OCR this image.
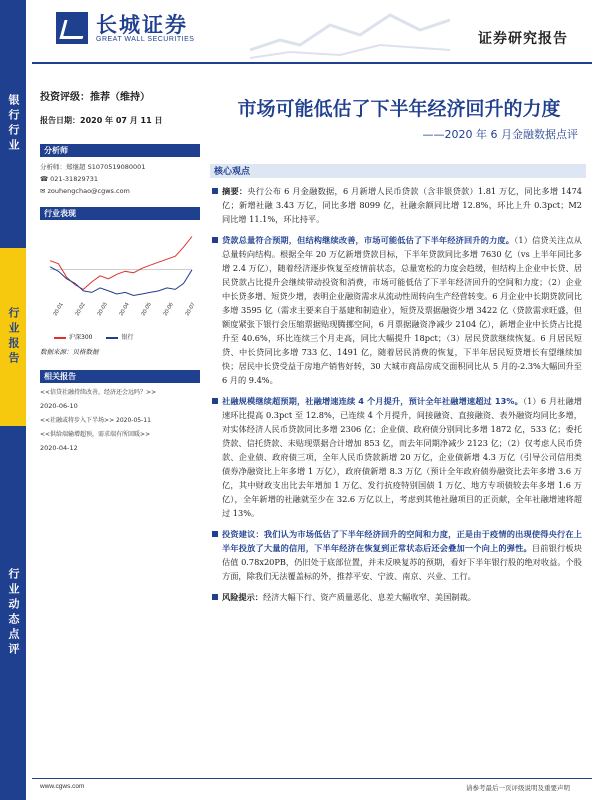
长城证券
GREAT WALL SECURITIES	证券研究报告
银行行业
行业报告
行业动态点评
投资评级：推荐（维持）
报告日期：2020 年 07 月 11 日
分析师
分析师：郑继超 S1070519080001
☎ 021-31829731
✉ zouhengchao@cgws.com
行业表现
20-01 20-02 20-03 20-04 20-05 20-06 20-07
沪深300	银行
数据来源：贝格数据
相关报告
<<信贷社融持续改善，经济还会远吗？>>
2020-06-10
<<社融或将步入下半场>> 2020-05-11
<<供给端输增超预，需求端有所回暖>>
2020-04-12
市场可能低估了下半年经济回升的力度
——2020 年 6 月金融数据点评
核心观点

摘要：央行公布 6 月金融数据，6 月新增人民币贷款（含非银贷款）1.81 万亿，同比多增 1474 亿；新增社融 3.43 万亿，同比多增 8099 亿，社融余额同比增 12.8%，环比上升 0.3pct；M2 同比增 11.1%，环比持平。

贷款总量符合预期，但结构继续改善，市场可能低估了下半年经济回升的力度。（1）信贷关注点从总量转向结构。根据全年 20 万亿新增贷款目标，下半年贷款同比多增 7630 亿（vs 上半年同比多增 2.4 万亿），随着经济逐步恢复至疫情前状态，总量宽松的力度会趋缓，但结构上企业中长贷、居民贷款占比提升会继续带动投资和消费，市场可能低估了下半年经济回升的空间和力度；（2）企业中长贷多增、短贷少增，表明企业融资需求从流动性周转向生产经营转变。6 月企业中长期贷款同比多增 3595 亿（需求主要来自于基建和制造业），短贷及票据融资少增 3422 亿（贷款需求旺盛，但额度紧张下银行会压缩票据贴现腾挪空间，6 月票据融资净减少 2104 亿），新增企业中长贷占比提升至 40.6%，环比连续三个月走高，同比大幅提升 18pct；（3）居民贷款继续恢复。6 月居民短贷、中长贷同比多增 733 亿、1491 亿，随着居民消费的恢复，下半年居民短贷增长有望继续加快；居民中长贷受益于房地产销售好转，30 大城市商品房成交面积同比从 5 月的-2.3%大幅回升至 6 月的 9.4%。

社融规模继续超预期，社融增速连续 4 个月提升，预计全年社融增速超过 13%。（1）6 月社融增速环比提高 0.3pct 至 12.8%，已连续 4 个月提升，间接融资、直接融资、表外融资均同比多增，对实体经济人民币贷款同比多增 2306 亿；企业债、政府债分别同比多增 1872 亿，533 亿；委托贷款、信托贷款、未贴现票据合计增加 853 亿，而去年同期净减少 2123 亿；（2）仅考虑人民币贷款、企业债、政府债三项，全年人民币贷款新增 20 万亿，企业债新增 4.3 万亿（引导公司信用类债券净融资比上年多增 1 万亿），政府债新增 8.3 万亿（预计全年政府债券融资比去年多增 3.6 万亿，其中财政支出比去年增加 1 万亿、发行抗疫特别国债 1 万亿、地方专项债较去年多增 1.6 万亿），全年新增的社融就至少在 32.6 万亿以上，考虑到其他社融项目的正贡献，全年社融增速将超过 13%。

投资建议：我们认为市场低估了下半年经济回升的空间和力度，正是由于疫情的出现使得央行在上半年投放了大量的信用，下半年经济在恢复到正常状态后还会叠加一个向上的弹性。目前银行板块估值 0.78x20PB，仍旧处于底部位置，并未反映复苏的预期，看好下半年银行股的绝对收益。个股方面，除我们无法覆盖标的外，推荐平安、宁波、南京、兴业、工行。

风险提示：经济大幅下行、资产质量恶化、息差大幅收窄、美国制裁。

www.cgws.com	请参考最后一页评级说明及重要声明
